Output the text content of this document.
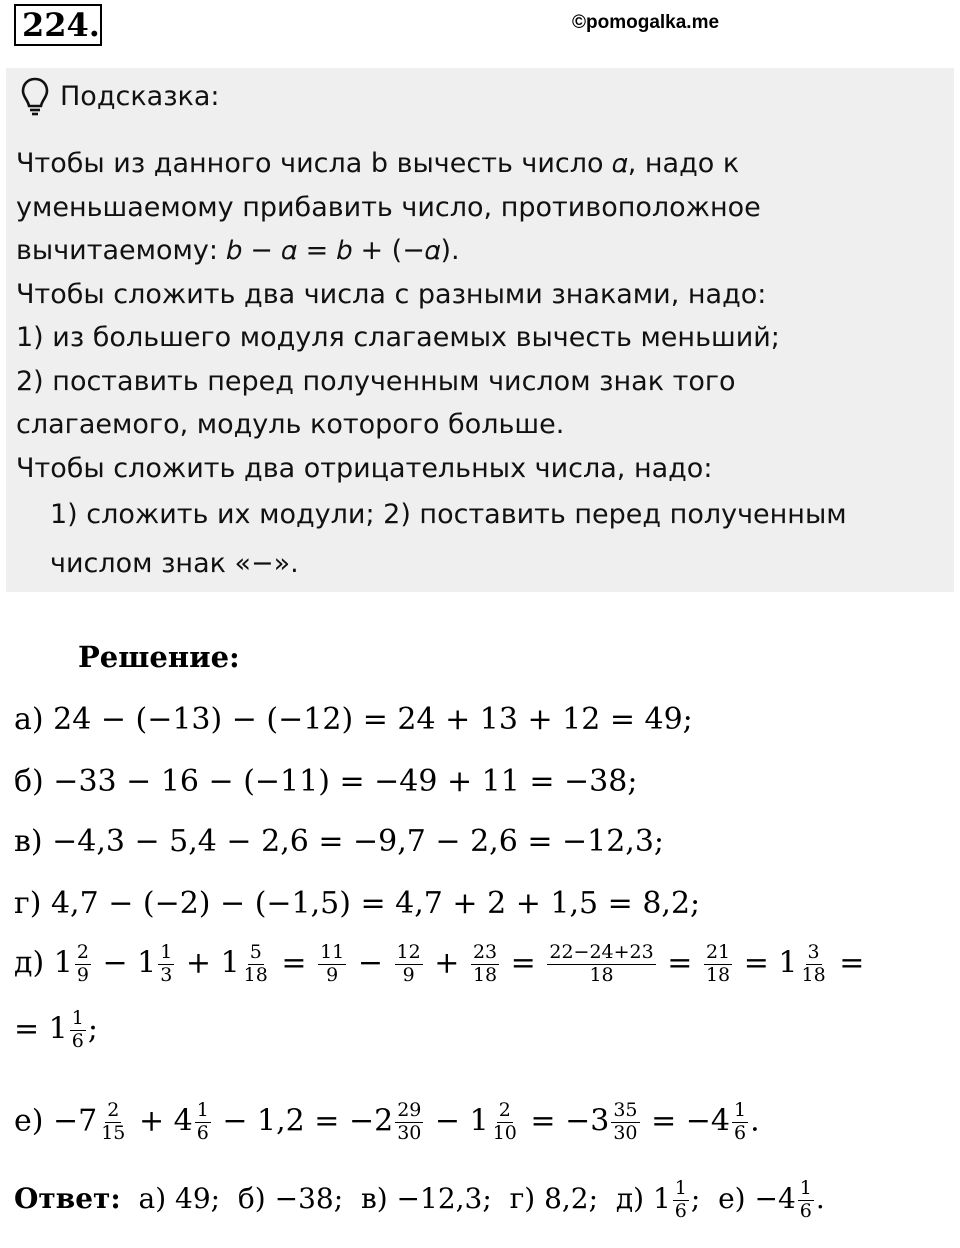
224.	©pomogalka.me
Подсказка:
Чтобы из данного числа b вычесть число 𝛼, надо к
уменьшаемому прибавить число, противоположное
вычитаемому: 𝑏 − 𝛼 = 𝑏 + (−𝛼).
Чтобы сложить два числа с разными знаками, надо:
1) из большего модуля слагаемых вычесть меньший;
2) поставить перед полученным числом знак того
слагаемого, модуль которого больше.
Чтобы сложить два отрицательных числа, надо:
1) сложить их модули; 2) поставить перед полученным
числом знак «−».
Решение:
а) 24 − (−13) − (−12) = 24 + 13 + 12 = 49;
б) −33 − 16 − (−11) = −49 + 11 = −38;
в) −4,3 − 5,4 − 2,6 = −9,7 − 2,6 = −12,3;
г) 4,7 − (−2) − (−1,5) = 4,7 + 2 + 1,5 = 8,2;
д) $1 \frac{2}{9} - 1 \frac{1}{3} + 1 \frac{5}{18} = \frac{11}{9} - \frac{12}{9} + \frac{23}{18} = \frac{22-24+23}{18} = \frac{21}{18} = 1 \frac{3}{18}$ =
= $1 \frac{1}{6}$ ;
$е) -7 \frac{2}{15} + 4 \frac{1}{6} - 1,2 = -2 \frac{29}{30} - 1 \frac{2}{10} = -3 \frac{35}{30} = -4 \frac{1}{6}$ .
Ответ: а) 49; б) −38; в) −12,3; г) 8,2; д) $1 \frac{1}{6}$ ; $е) -4 \frac{1}{6}$ .
